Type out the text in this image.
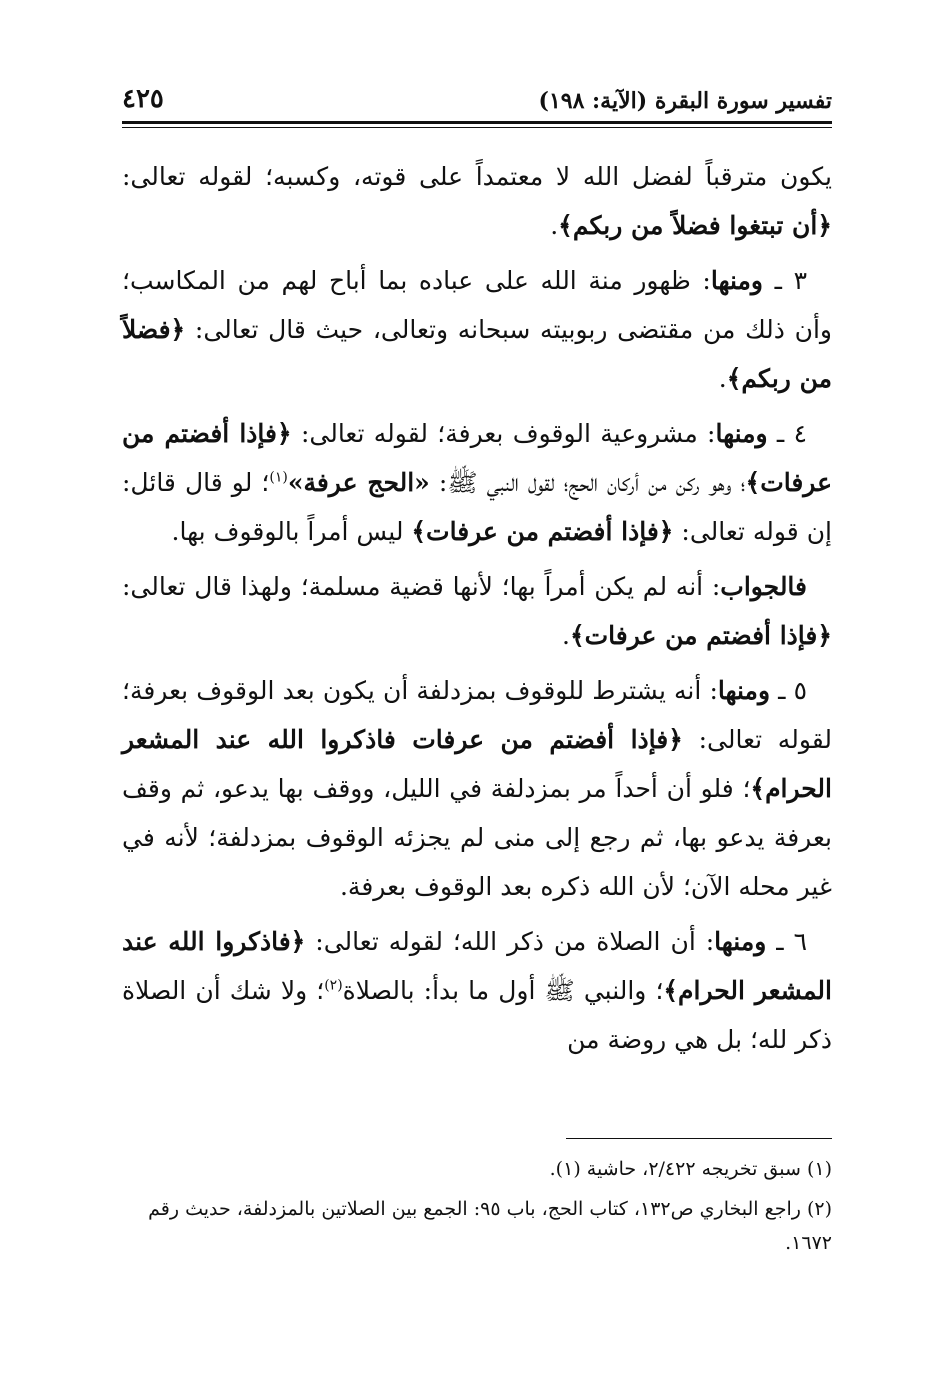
تفسير سورة البقرة (الآية: ١٩٨)
٤٢٥

يكون مترقباً لفضل الله لا معتمداً على قوته، وكسبه؛ لقوله تعالى: ﴿أن تبتغوا فضلاً من ربكم﴾.

 ٣ ـ ومنها: ظهور منة الله على عباده بما أباح لهم من المكاسب؛ وأن ذلك من مقتضى ربوبيته سبحانه وتعالى، حيث قال تعالى: ﴿فضلاً من ربكم﴾.

 ٤ ـ ومنها: مشروعية الوقوف بعرفة؛ لقوله تعالى: ﴿فإذا أفضتم من عرفات﴾؛ وهو ركن من أركان الحج؛ لقول النبي ﷺ: «الحج عرفة»$^{(١)}$؛ لو قال قائل: إن قوله تعالى: ﴿فإذا أفضتم من عرفات﴾ ليس أمراً بالوقوف بها.

 فالجواب: أنه لم يكن أمراً بها؛ لأنها قضية مسلمة؛ ولهذا قال تعالى: ﴿فإذا أفضتم من عرفات﴾.

 ٥ ـ ومنها: أنه يشترط للوقوف بمزدلفة أن يكون بعد الوقوف بعرفة؛ لقوله تعالى: ﴿فإذا أفضتم من عرفات فاذكروا الله عند المشعر الحرام﴾؛ فلو أن أحداً مر بمزدلفة في الليل، ووقف بها يدعو، ثم وقف بعرفة يدعو بها، ثم رجع إلى منى لم يجزئه الوقوف بمزدلفة؛ لأنه في غير محله الآن؛ لأن الله ذكره بعد الوقوف بعرفة.

 ٦ ـ ومنها: أن الصلاة من ذكر الله؛ لقوله تعالى: ﴿فاذكروا الله عند المشعر الحرام﴾؛ والنبي ﷺ أول ما بدأ: بالصلاة$^{(٢)}$؛ ولا شك أن الصلاة ذكر لله؛ بل هي روضة من

(١) سبق تخريجه ٢/٤٢٢، حاشية (١).

(٢) راجع البخاري ص١٣٢، كتاب الحج، باب ٩٥: الجمع بين الصلاتين بالمزدلفة، حديث رقم ١٦٧٢.
